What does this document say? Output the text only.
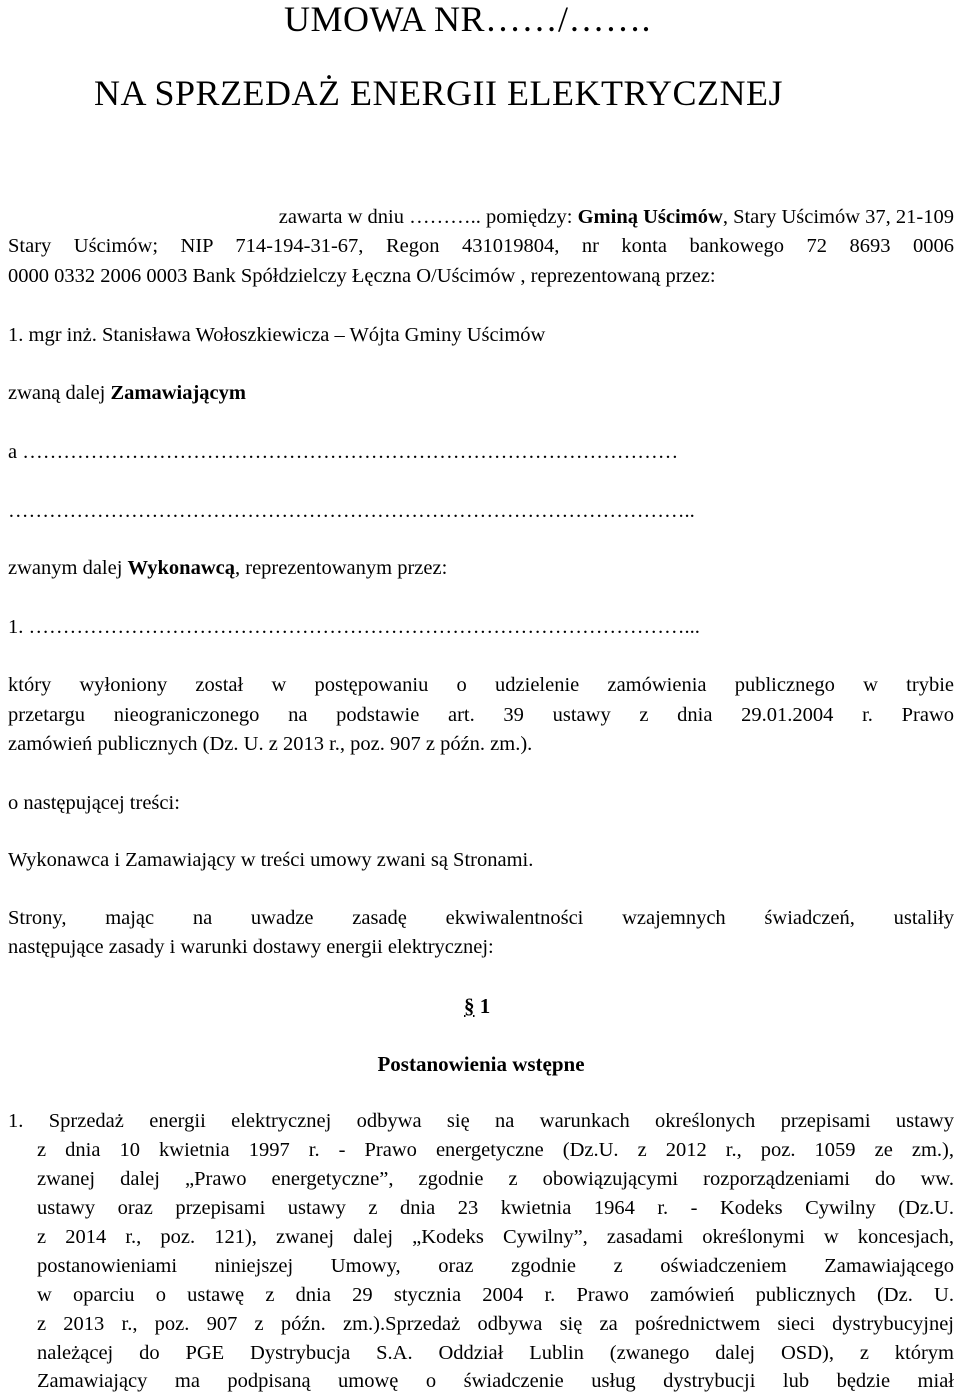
UMOWA NR……/…….
NA SPRZEDAŻ ENERGII ELEKTRYCZNEJ
zawarta w dniu ……….. pomiędzy: Gminą Uścimów, Stary Uścimów 37, 21-109
Stary Uścimów; NIP 714-194-31-67, Regon 431019804, nr konta bankowego 72 8693 0006
0000 0332 2006 0003 Bank Spółdzielczy Łęczna O/Uścimów , reprezentowaną przez:
1. mgr inż. Stanisława Wołoszkiewicza – Wójta Gminy Uścimów
zwaną dalej Zamawiającym
a ……………………………………………………………………………………
………………………………………………………………………………………..
zwanym dalej Wykonawcą, reprezentowanym przez:
1. ……………………………………………………………………………………...
który wyłoniony został w postępowaniu o udzielenie zamówienia publicznego w trybie
przetargu nieograniczonego na podstawie art. 39 ustawy z dnia 29.01.2004 r. Prawo
zamówień publicznych (Dz. U. z 2013 r., poz. 907 z późn. zm.).
o następującej treści:
Wykonawca i Zamawiający w treści umowy zwani są Stronami.
Strony, mając na uwadze zasadę ekwiwalentności wzajemnych świadczeń, ustaliły
następujące zasady i warunki dostawy energii elektrycznej:
§ 1
Postanowienia wstępne
1. Sprzedaż energii elektrycznej odbywa się na warunkach określonych przepisami ustawy
z dnia 10 kwietnia 1997 r. - Prawo energetyczne (Dz.U. z 2012 r., poz. 1059 ze zm.),
zwanej dalej „Prawo energetyczne”, zgodnie z obowiązującymi rozporządzeniami do ww.
ustawy oraz przepisami ustawy z dnia 23 kwietnia 1964 r. - Kodeks Cywilny (Dz.U.
z 2014 r., poz. 121), zwanej dalej „Kodeks Cywilny”, zasadami określonymi w koncesjach,
postanowieniami niniejszej Umowy, oraz zgodnie z oświadczeniem Zamawiającego
w oparciu o ustawę z dnia 29 stycznia 2004 r. Prawo zamówień publicznych (Dz. U.
z 2013 r., poz. 907 z późn. zm.).Sprzedaż odbywa się za pośrednictwem sieci dystrybucyjnej
należącej do PGE Dystrybucja S.A. Oddział Lublin (zwanego dalej OSD), z którym
Zamawiający ma podpisaną umowę o świadczenie usług dystrybucji lub będzie miał
